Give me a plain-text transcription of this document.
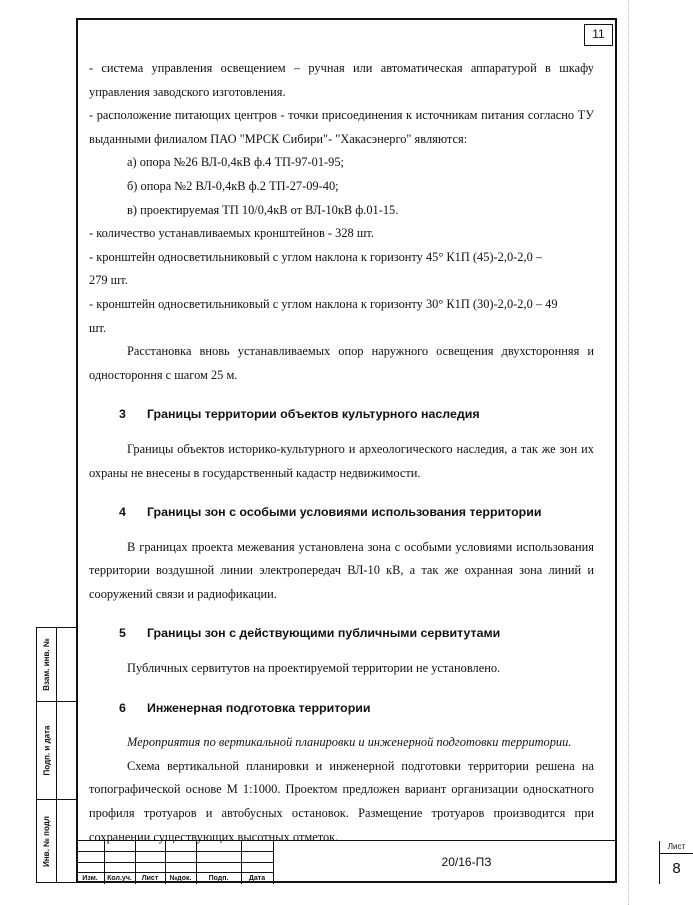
11

- система управления освещением – ручная или автоматическая аппаратурой в шкафу управления заводского изготовления.

- расположение питающих центров - точки присоединения к источникам питания согласно ТУ выданными филиалом ПАО "МРСК Сибири"- "Хакасэнерго" являются:

а) опора №26 ВЛ-0,4кВ ф.4 ТП-97-01-95;

б) опора №2 ВЛ-0,4кВ ф.2 ТП-27-09-40;

в) проектируемая ТП 10/0,4кВ от ВЛ-10кВ ф.01-15.

- количество устанавливаемых кронштейнов - 328 шт.

- кронштейн односветильниковый с углом наклона к горизонту 45° К1П (45)-2,0-2,0 –279 шт.

- кронштейн односветильниковый с углом наклона к горизонту 30° К1П (30)-2,0-2,0 – 49 шт.

Расстановка вновь устанавливаемых опор наружного освещения двухсторонняя и одностороння с шагом 25 м.

3	Границы территории объектов культурного наследия

Границы объектов историко-культурного и археологического наследия, а так же зон их охраны не внесены в государственный кадастр недвижимости.

4	Границы зон с особыми условиями использования территории

В границах проекта межевания установлена зона с особыми условиями использования территории воздушной линии электропередач ВЛ-10 кВ, а так же охранная зона линий и сооружений связи и радиофикации.

5	Границы зон с действующими публичными сервитутами

Публичных сервитутов на проектируемой территории не установлено.

6	Инженерная подготовка территории

Мероприятия по вертикальной планировки и инженерной подготовки территории.

Схема вертикальной планировки и инженерной подготовки территории решена на топографической основе М 1:1000. Проектом предложен вариант организации односкатного профиля тротуаров и автобусных остановок. Размещение тротуаров производится при сохранении существующих высотных отметок.

Взам. инв. №
Подп. и дата
Инв. № подл
Изм.	Кол.уч.	Лист	№док.	Подп.	Дата
20/16-ПЗ
Лист
8
